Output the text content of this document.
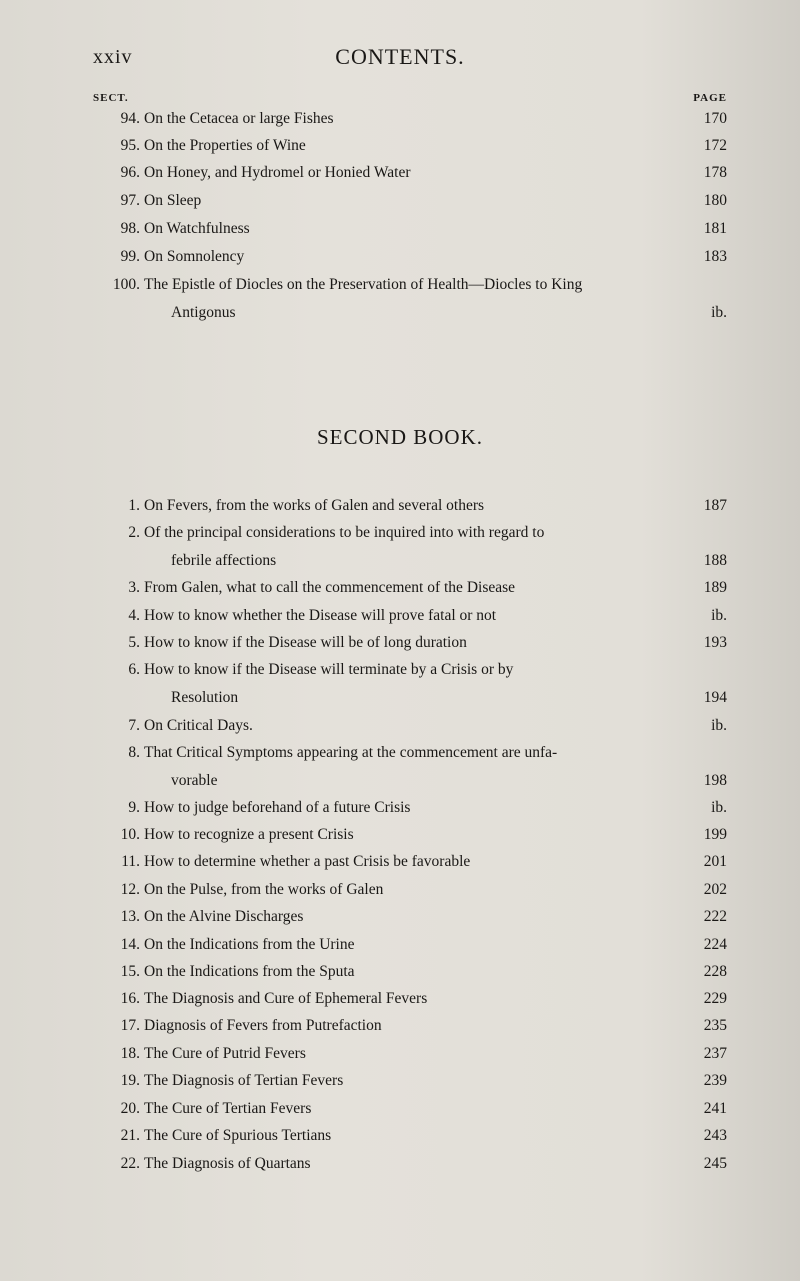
xxiv	CONTENTS.
SECT.	PAGE
SECOND BOOK.
94. On the Cetacea or large Fishes	170
95. On the Properties of Wine	172
96. On Honey, and Hydromel or Honied Water	178
97. On Sleep	180
98. On Watchfulness	181
99. On Somnolency	183
100. The Epistle of Diocles on the Preservation of Health—Diocles to King
Antigonus	ib.
1. On Fevers, from the works of Galen and several others	187
2. Of the principal considerations to be inquired into with regard to
febrile affections	188
3. From Galen, what to call the commencement of the Disease	189
4. How to know whether the Disease will prove fatal or not	ib.
5. How to know if the Disease will be of long duration	193
6. How to know if the Disease will terminate by a Crisis or by
Resolution	194
7. On Critical Days.	ib.
8. That Critical Symptoms appearing at the commencement are unfa-
vorable	198
9. How to judge beforehand of a future Crisis	ib.
10. How to recognize a present Crisis	199
11. How to determine whether a past Crisis be favorable	201
12. On the Pulse, from the works of Galen	202
13. On the Alvine Discharges	222
14. On the Indications from the Urine	224
15. On the Indications from the Sputa	228
16. The Diagnosis and Cure of Ephemeral Fevers	229
17. Diagnosis of Fevers from Putrefaction	235
18. The Cure of Putrid Fevers	237
19. The Diagnosis of Tertian Fevers	239
20. The Cure of Tertian Fevers	241
21. The Cure of Spurious Tertians	243
22. The Diagnosis of Quartans	245
